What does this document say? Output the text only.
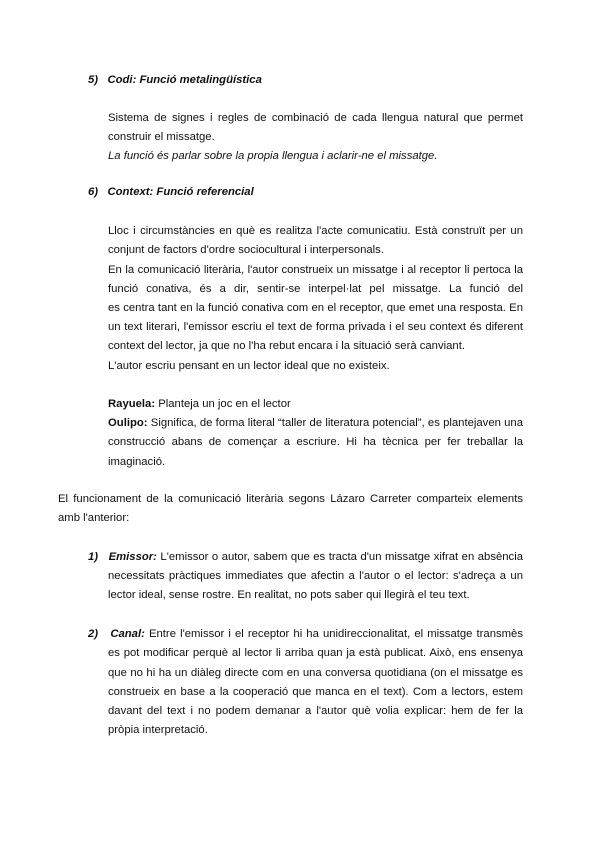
5) Codi: Funció metalingüística
Sistema de signes i regles de combinació de cada llengua natural que permet
construir el missatge.
La funció és parlar sobre la propia llengua i aclarir-ne el missatge.
6) Context: Funció referencial
Lloc i circumstàncies en què es realitza l'acte comunicatiu. Està construït per un
conjunt de factors d'ordre sociocultural i interpersonals.
En la comunicació literària, l'autor construeix un missatge i al receptor li pertoca la
funció conativa, és a dir, sentir-se interpel·lat pel missatge. La funció del
es centra tant en la funció conativa com en el receptor, que emet una resposta. En
un text literari, l'emissor escriu el text de forma privada i el seu context és diferent
context del lector, ja que no l'ha rebut encara i la situació serà canviant.
L'autor escriu pensant en un lector ideal que no existeix.
Rayuela: Planteja un joc en el lector
Oulipo: Significa, de forma literal “taller de literatura potencial”, es plantejaven una
construcció abans de començar a escriure. Hi ha tècnica per fer treballar la
imaginació.
El funcionament de la comunicació literària segons Lázaro Carreter comparteix elements
amb l'anterior:
1) Emissor: L'emissor o autor, sabem que es tracta d'un missatge xifrat en absència
necessitats pràctiques immediates que afectin a l'autor o el lector: s'adreça a un
lector ideal, sense rostre. En realitat, no pots saber qui llegirà el teu text.
2) Canal: Entre l'emissor i el receptor hi ha unidireccionalitat, el missatge transmès
es pot modificar perquè al lector li arriba quan ja està publicat. Això, ens ensenya
que no hi ha un diàleg directe com en una conversa quotidiana (on el missatge es
construeix en base a la cooperació que manca en el text). Com a lectors, estem
davant del text i no podem demanar a l'autor què volia explicar: hem de fer la
pròpia interpretació.
